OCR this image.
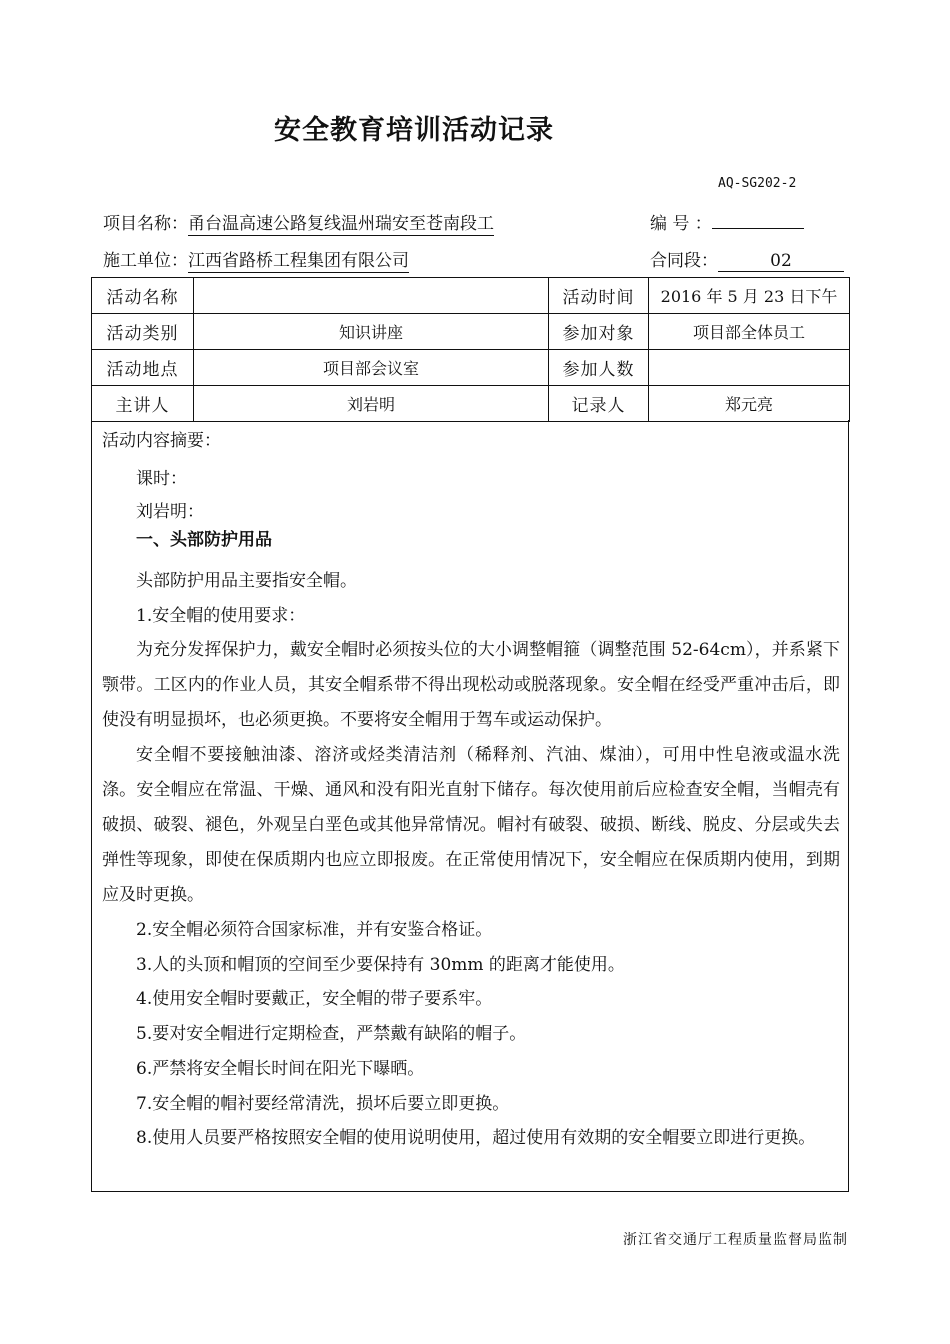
安全教育培训活动记录
AQ-SG202-2
项目名称：甬台温高速公路复线温州瑞安至苍南段工	编 号 ：
施工单位：江西省路桥工程集团有限公司	合同段：	02
活动名称		活动时间	2016 年 5 月 23 日下午
活动类别	知识讲座	参加对象	项目部全体员工
活动地点	项目部会议室	参加人数	
主讲人	刘岩明	记录人	郑元亮
活动内容摘要：
课时：
刘岩明：
一、头部防护用品
头部防护用品主要指安全帽。
1.安全帽的使用要求：
为充分发挥保护力，戴安全帽时必须按头位的大小调整帽箍（调整范围 52-64cm），并系紧下颚带。工区内的作业人员，其安全帽系带不得出现松动或脱落现象。安全帽在经受严重冲击后，即使没有明显损坏，也必须更换。不要将安全帽用于驾车或运动保护。
安全帽不要接触油漆、溶济或烃类清洁剂（稀释剂、汽油、煤油），可用中性皂液或温水洗涤。安全帽应在常温、干燥、通风和没有阳光直射下储存。每次使用前后应检查安全帽，当帽壳有破损、破裂、褪色，外观呈白垩色或其他异常情况。帽衬有破裂、破损、断线、脱皮、分层或失去弹性等现象，即使在保质期内也应立即报废。在正常使用情况下，安全帽应在保质期内使用，到期应及时更换。
2.安全帽必须符合国家标准，并有安鉴合格证。
3.人的头顶和帽顶的空间至少要保持有 30mm 的距离才能使用。
4.使用安全帽时要戴正，安全帽的带子要系牢。
5.要对安全帽进行定期检查，严禁戴有缺陷的帽子。
6.严禁将安全帽长时间在阳光下曝晒。
7.安全帽的帽衬要经常清洗，损坏后要立即更换。
8.使用人员要严格按照安全帽的使用说明使用，超过使用有效期的安全帽要立即进行更换。
浙江省交通厅工程质量监督局监制
